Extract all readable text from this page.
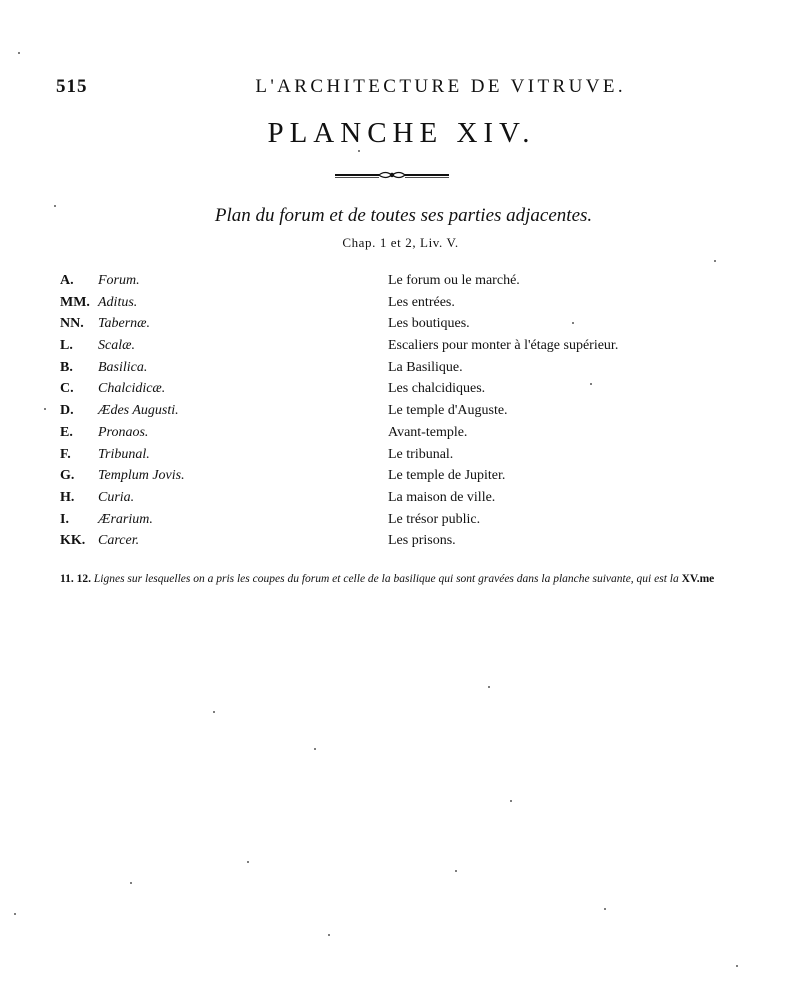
515	L'ARCHITECTURE DE VITRUVE.
PLANCHE XIV.
Plan du forum et de toutes ses parties adjacentes.
Chap. 1 et 2, Liv. V.
A. Forum.	Le forum ou le marché.
MM. Aditus.	Les entrées.
NN. Tabernæ.	Les boutiques.
L. Scalæ.	Escaliers pour monter à l'étage supérieur.
B. Basilica.	La Basilique.
C. Chalcidicæ.	Les chalcidiques.
D. Ædes Augusti.	Le temple d'Auguste.
E. Pronaos.	Avant-temple.
F. Tribunal.	Le tribunal.
G. Templum Jovis.	Le temple de Jupiter.
H. Curia.	La maison de ville.
I. Ærarium.	Le trésor public.
KK. Carcer.	Les prisons.
11. 12. Lignes sur lesquelles on a pris les coupes du forum et celle de la basilique qui sont gravées dans la planche suivante, qui est la XV.me
